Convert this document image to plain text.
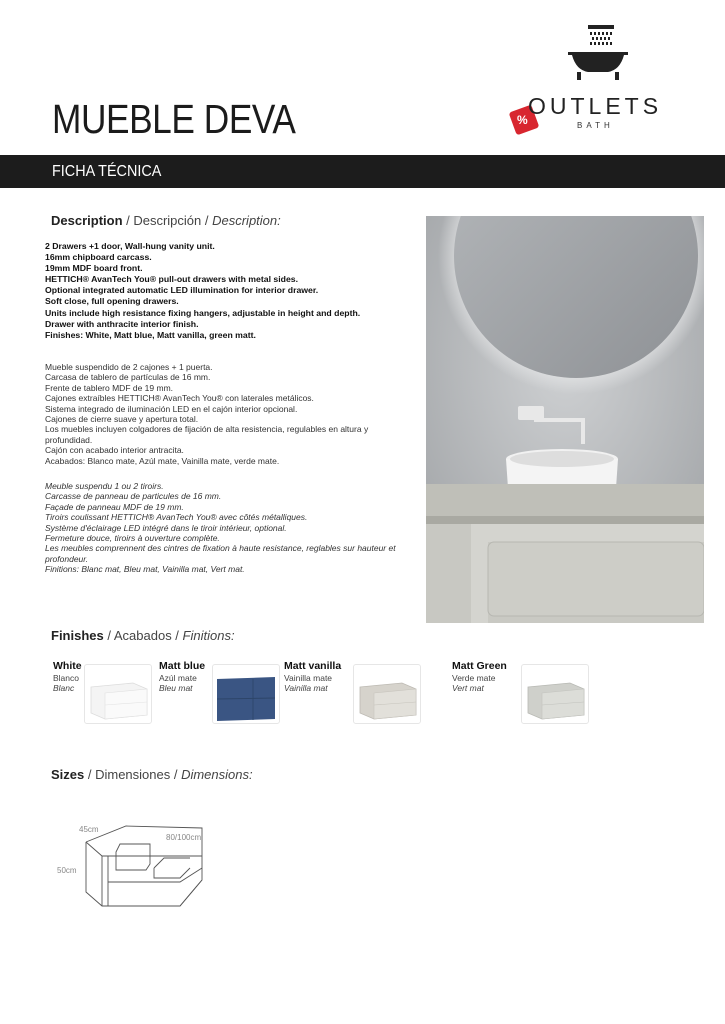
MUEBLE DEVA	%
OUTLETS
BATH
FICHA TÉCNICA
Description / Descripción / Description:
2 Drawers +1 door, Wall-hung vanity unit.
16mm chipboard carcass.
19mm MDF board front.
HETTICH® AvanTech You® pull-out drawers with metal sides.
Optional integrated automatic LED illumination for interior drawer.
Soft close, full opening drawers.
Units include high resistance fixing hangers, adjustable in height and depth.
Drawer with anthracite interior finish.
Finishes: White, Matt blue, Matt vanilla, green matt.
Mueble suspendido de 2 cajones + 1 puerta.
Carcasa de tablero de partículas de 16 mm.
Frente de tablero MDF de 19 mm.
Cajones extraíbles HETTICH® AvanTech You® con laterales metálicos.
Sistema integrado de iluminación LED en el cajón interior opcional.
Cajones de cierre suave y apertura total.
Los muebles incluyen colgadores de fijación de alta resistencia, regulables en altura y profundidad.
Cajón con acabado interior antracita.
Acabados: Blanco mate, Azúl mate, Vainilla mate, verde mate.
Meuble suspendu 1 ou 2 tiroirs.
Carcasse de panneau de particules de 16 mm.
Façade de panneau MDF de 19 mm.
Tiroirs coulissant HETTICH® AvanTech You® avec côtés métalliques.
Système d'éclairage LED intégré dans le tiroir intérieur, optional.
Fermeture douce, tiroirs à ouverture complète.
Les meubles comprennent des cintres de fixation à haute resistance, reglables sur hauteur et profondeur.
Finitions: Blanc mat, Bleu mat, Vainilla mat, Vert mat.
Finishes / Acabados / Finitions:
White
Blanco
Blanc
Matt blue
Azúl mate
Bleu mat
Matt vanilla
Vainilla mate
Vainilla mat
Matt Green
Verde mate
Vert mat
Sizes / Dimensiones / Dimensions:
45cm
80/100cm
50cm
